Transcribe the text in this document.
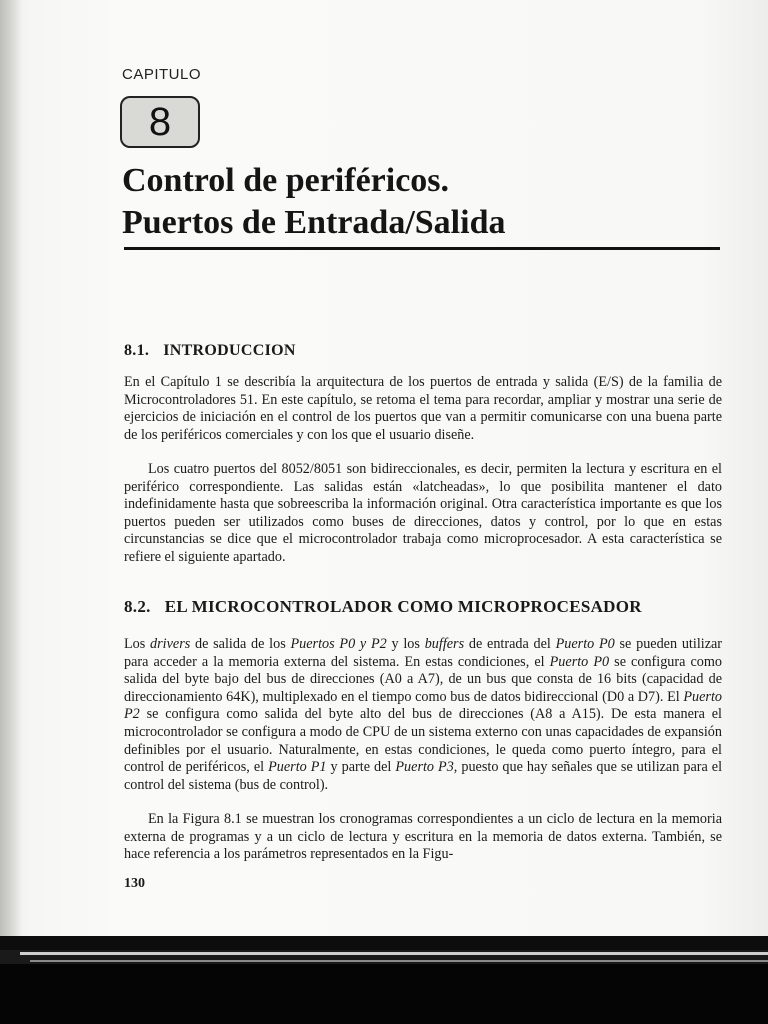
CAPITULO
8
Control de periféricos.
Puertos de Entrada/Salida
8.1. INTRODUCCION

En el Capítulo 1 se describía la arquitectura de los puertos de entrada y salida (E/S) de la familia de Microcontroladores 51. En este capítulo, se retoma el tema para recordar, ampliar y mostrar una serie de ejercicios de iniciación en el control de los puertos que van a permitir comunicarse con una buena parte de los periféricos comerciales y con los que el usuario diseñe.

Los cuatro puertos del 8052/8051 son bidireccionales, es decir, permiten la lectura y escritura en el periférico correspondiente. Las salidas están «latcheadas», lo que posibilita mantener el dato indefinidamente hasta que sobreescriba la información original. Otra característica importante es que los puertos pueden ser utilizados como buses de direcciones, datos y control, por lo que en estas circunstancias se dice que el microcontrolador trabaja como microprocesador. A esta característica se refiere el siguiente apartado.

8.2. EL MICROCONTROLADOR COMO MICROPROCESADOR

Los drivers de salida de los Puertos P0 y P2 y los buffers de entrada del Puerto P0 se pueden utilizar para acceder a la memoria externa del sistema. En estas condiciones, el Puerto P0 se configura como salida del byte bajo del bus de direcciones (A0 a A7), de un bus que consta de 16 bits (capacidad de direccionamiento 64K), multiplexado en el tiempo como bus de datos bidireccional (D0 a D7). El Puerto P2 se configura como salida del byte alto del bus de direcciones (A8 a A15). De esta manera el microcontrolador se configura a modo de CPU de un sistema externo con unas capacidades de expansión definibles por el usuario. Naturalmente, en estas condiciones, le queda como puerto íntegro, para el control de periféricos, el Puerto P1 y parte del Puerto P3, puesto que hay señales que se utilizan para el control del sistema (bus de control).

En la Figura 8.1 se muestran los cronogramas correspondientes a un ciclo de lectura en la memoria externa de programas y a un ciclo de lectura y escritura en la memoria de datos externa. También, se hace referencia a los parámetros representados en la Figu-

130
